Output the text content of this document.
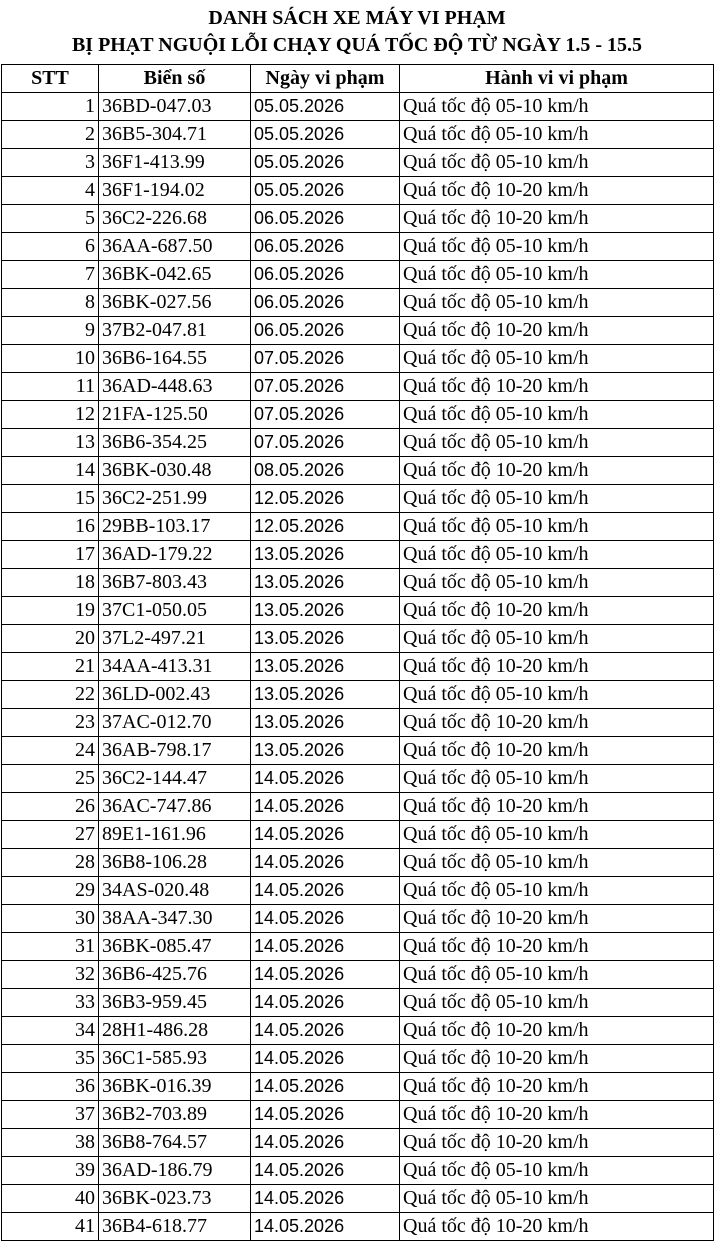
DANH SÁCH XE MÁY VI PHẠM
BỊ PHẠT NGUỘI LỖI CHẠY QUÁ TỐC ĐỘ TỪ NGÀY 1.5 - 15.5
STT	Biển số	Ngày vi phạm	Hành vi vi phạm
1	36BD-047.03	05.05.2026	Quá tốc độ 05-10 km/h
2	36B5-304.71	05.05.2026	Quá tốc độ 05-10 km/h
3	36F1-413.99	05.05.2026	Quá tốc độ 05-10 km/h
4	36F1-194.02	05.05.2026	Quá tốc độ 10-20 km/h
5	36C2-226.68	06.05.2026	Quá tốc độ 10-20 km/h
6	36AA-687.50	06.05.2026	Quá tốc độ 05-10 km/h
7	36BK-042.65	06.05.2026	Quá tốc độ 05-10 km/h
8	36BK-027.56	06.05.2026	Quá tốc độ 05-10 km/h
9	37B2-047.81	06.05.2026	Quá tốc độ 10-20 km/h
10	36B6-164.55	07.05.2026	Quá tốc độ 05-10 km/h
11	36AD-448.63	07.05.2026	Quá tốc độ 10-20 km/h
12	21FA-125.50	07.05.2026	Quá tốc độ 05-10 km/h
13	36B6-354.25	07.05.2026	Quá tốc độ 05-10 km/h
14	36BK-030.48	08.05.2026	Quá tốc độ 10-20 km/h
15	36C2-251.99	12.05.2026	Quá tốc độ 05-10 km/h
16	29BB-103.17	12.05.2026	Quá tốc độ 05-10 km/h
17	36AD-179.22	13.05.2026	Quá tốc độ 05-10 km/h
18	36B7-803.43	13.05.2026	Quá tốc độ 05-10 km/h
19	37C1-050.05	13.05.2026	Quá tốc độ 10-20 km/h
20	37L2-497.21	13.05.2026	Quá tốc độ 05-10 km/h
21	34AA-413.31	13.05.2026	Quá tốc độ 10-20 km/h
22	36LD-002.43	13.05.2026	Quá tốc độ 05-10 km/h
23	37AC-012.70	13.05.2026	Quá tốc độ 10-20 km/h
24	36AB-798.17	13.05.2026	Quá tốc độ 10-20 km/h
25	36C2-144.47	14.05.2026	Quá tốc độ 05-10 km/h
26	36AC-747.86	14.05.2026	Quá tốc độ 10-20 km/h
27	89E1-161.96	14.05.2026	Quá tốc độ 05-10 km/h
28	36B8-106.28	14.05.2026	Quá tốc độ 05-10 km/h
29	34AS-020.48	14.05.2026	Quá tốc độ 05-10 km/h
30	38AA-347.30	14.05.2026	Quá tốc độ 10-20 km/h
31	36BK-085.47	14.05.2026	Quá tốc độ 10-20 km/h
32	36B6-425.76	14.05.2026	Quá tốc độ 05-10 km/h
33	36B3-959.45	14.05.2026	Quá tốc độ 05-10 km/h
34	28H1-486.28	14.05.2026	Quá tốc độ 10-20 km/h
35	36C1-585.93	14.05.2026	Quá tốc độ 10-20 km/h
36	36BK-016.39	14.05.2026	Quá tốc độ 10-20 km/h
37	36B2-703.89	14.05.2026	Quá tốc độ 10-20 km/h
38	36B8-764.57	14.05.2026	Quá tốc độ 10-20 km/h
39	36AD-186.79	14.05.2026	Quá tốc độ 05-10 km/h
40	36BK-023.73	14.05.2026	Quá tốc độ 05-10 km/h
41	36B4-618.77	14.05.2026	Quá tốc độ 10-20 km/h
